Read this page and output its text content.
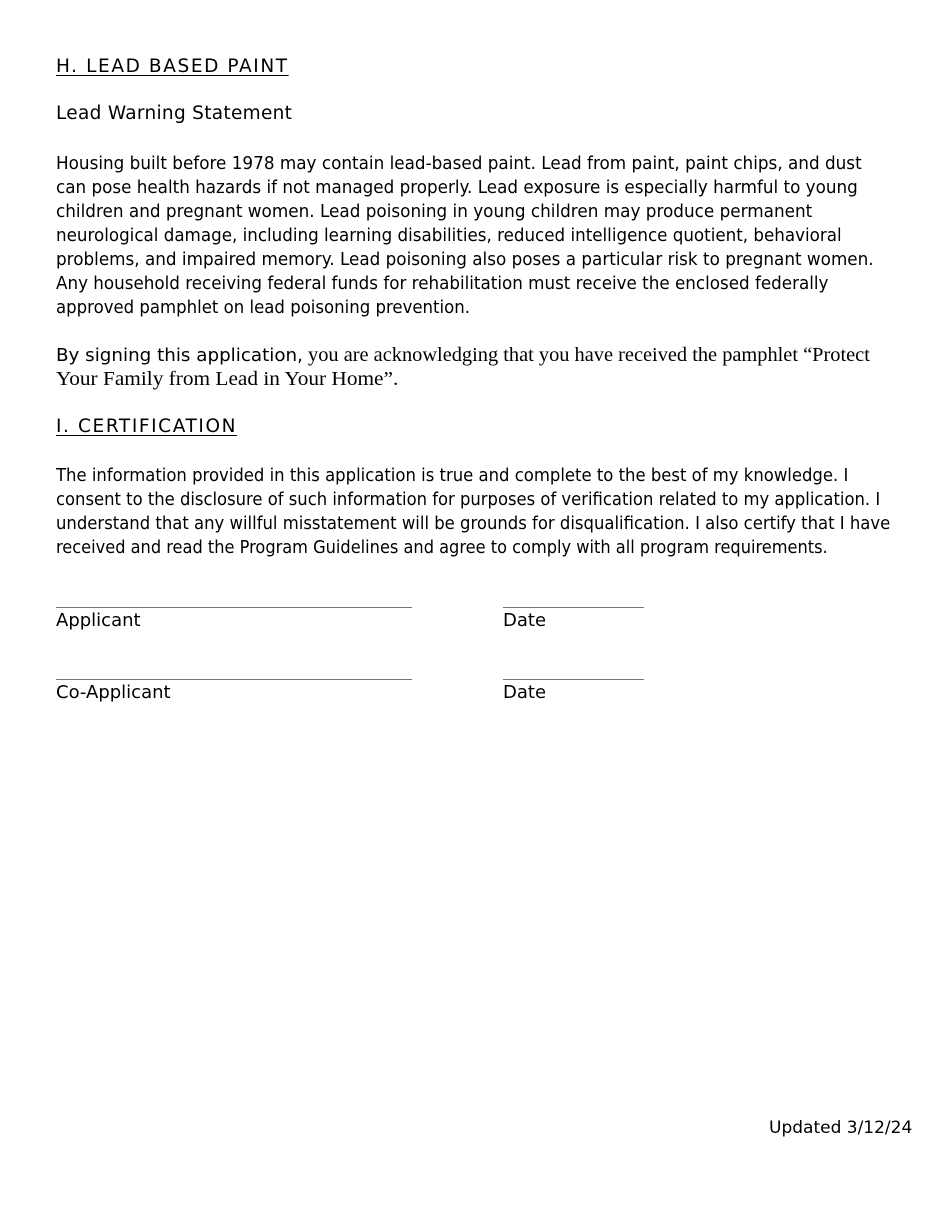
H. LEAD BASED PAINT
Lead Warning Statement
Housing built before 1978 may contain lead-based paint. Lead from paint, paint chips, and dust
can pose health hazards if not managed properly. Lead exposure is especially harmful to young
children and pregnant women. Lead poisoning in young children may produce permanent
neurological damage, including learning disabilities, reduced intelligence quotient, behavioral
problems, and impaired memory. Lead poisoning also poses a particular risk to pregnant women.
Any household receiving federal funds for rehabilitation must receive the enclosed federally
approved pamphlet on lead poisoning prevention.
By signing this application, you are acknowledging that you have received the pamphlet “Protect
Your Family from Lead in Your Home”.
I. CERTIFICATION
The information provided in this application is true and complete to the best of my knowledge. I
consent to the disclosure of such information for purposes of verification related to my application. I
understand that any willful misstatement will be grounds for disqualification. I also certify that I have
received and read the Program Guidelines and agree to comply with all program requirements.
___________________________________	______________
Applicant	Date
___________________________________	______________
Co-Applicant	Date
Updated 3/12/24
